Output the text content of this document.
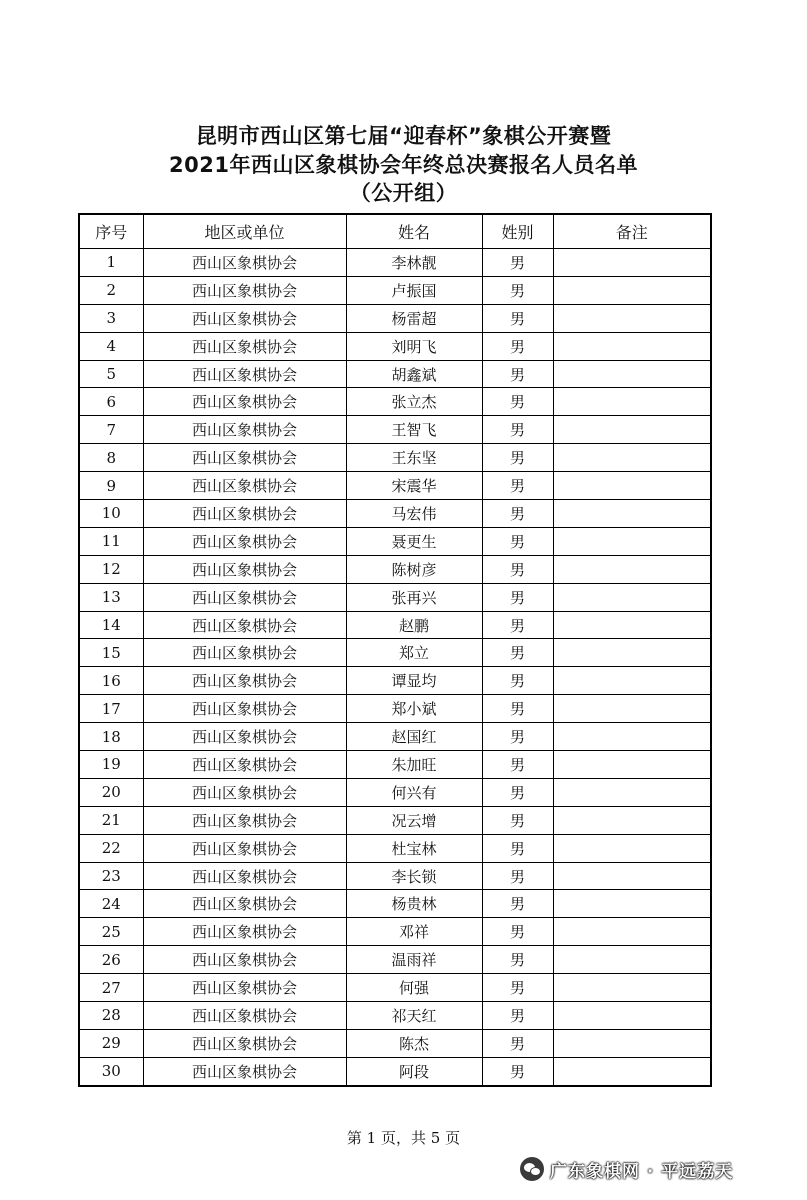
昆明市西山区第七届“迎春杯”象棋公开赛暨
2021年西山区象棋协会年终总决赛报名人员名单
（公开组）
序号	地区或单位	姓名	姓别	备注
1	西山区象棋协会	李林靓	男	
2	西山区象棋协会	卢振国	男	
3	西山区象棋协会	杨雷超	男	
4	西山区象棋协会	刘明飞	男	
5	西山区象棋协会	胡鑫斌	男	
6	西山区象棋协会	张立杰	男	
7	西山区象棋协会	王智飞	男	
8	西山区象棋协会	王东坚	男	
9	西山区象棋协会	宋震华	男	
10	西山区象棋协会	马宏伟	男	
11	西山区象棋协会	聂更生	男	
12	西山区象棋协会	陈树彦	男	
13	西山区象棋协会	张再兴	男	
14	西山区象棋协会	赵鹏	男	
15	西山区象棋协会	郑立	男	
16	西山区象棋协会	谭显均	男	
17	西山区象棋协会	郑小斌	男	
18	西山区象棋协会	赵国红	男	
19	西山区象棋协会	朱加旺	男	
20	西山区象棋协会	何兴有	男	
21	西山区象棋协会	况云增	男	
22	西山区象棋协会	杜宝林	男	
23	西山区象棋协会	李长锁	男	
24	西山区象棋协会	杨贵林	男	
25	西山区象棋协会	邓祥	男	
26	西山区象棋协会	温雨祥	男	
27	西山区象棋协会	何强	男	
28	西山区象棋协会	祁天红	男	
29	西山区象棋协会	陈杰	男	
30	西山区象棋协会	阿段	男	
第 1 页，共 5 页
广东象棋网 · 平远荔天
